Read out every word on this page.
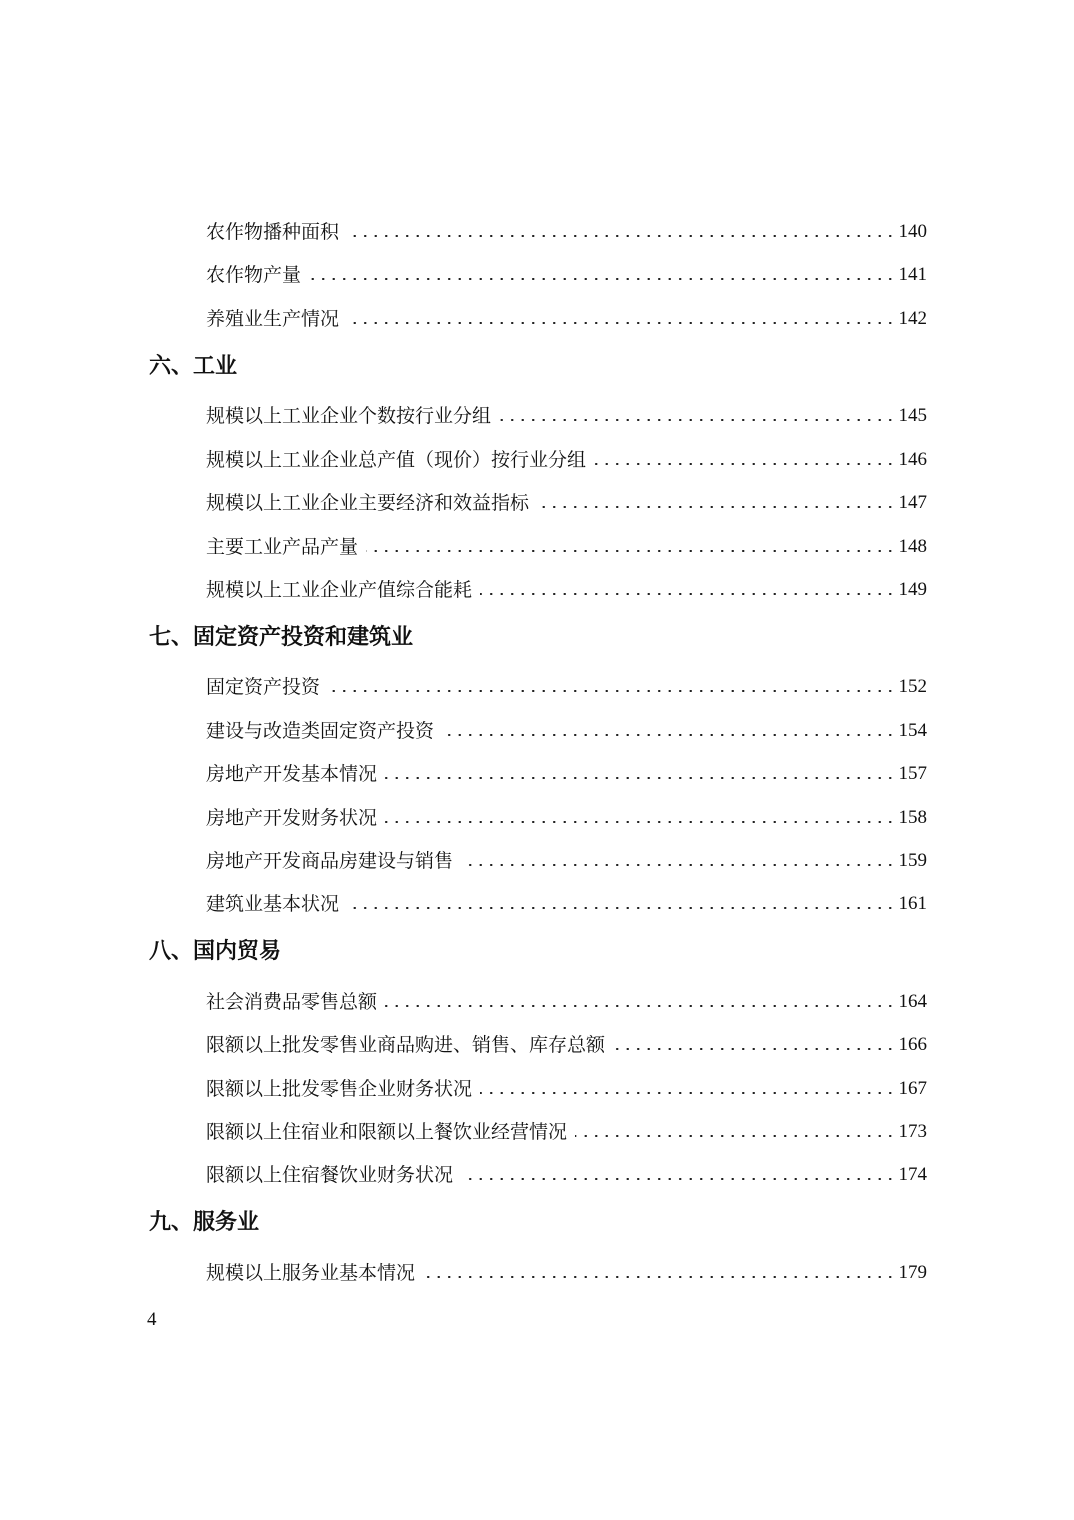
农作物播种面积	140
农作物产量	141
养殖业生产情况	142
六、工业
规模以上工业企业个数按行业分组	145
规模以上工业企业总产值（现价）按行业分组	146
规模以上工业企业主要经济和效益指标	147
主要工业产品产量	148
规模以上工业企业产值综合能耗	149
七、固定资产投资和建筑业
固定资产投资	152
建设与改造类固定资产投资	154
房地产开发基本情况	157
房地产开发财务状况	158
房地产开发商品房建设与销售	159
建筑业基本状况	161
八、国内贸易
社会消费品零售总额	164
限额以上批发零售业商品购进、销售、库存总额	166
限额以上批发零售企业财务状况	167
限额以上住宿业和限额以上餐饮业经营情况	173
限额以上住宿餐饮业财务状况	174
九、服务业
规模以上服务业基本情况	179
4
